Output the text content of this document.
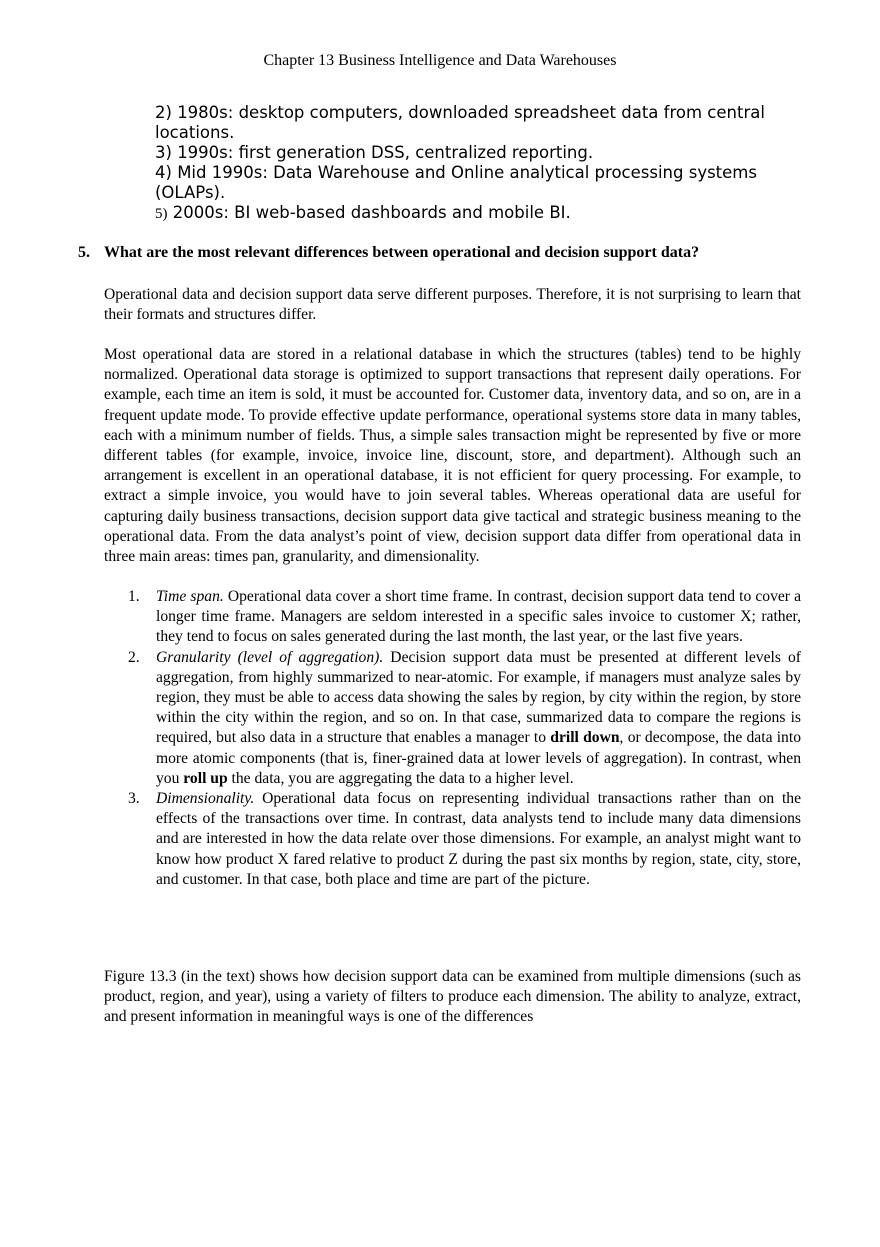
Chapter 13 Business Intelligence and Data Warehouses
2) 1980s: desktop computers, downloaded spreadsheet data from central locations.
3) 1990s: first generation DSS, centralized reporting.
4) Mid 1990s: Data Warehouse and Online analytical processing systems (OLAPs).
5) 2000s: BI web-based dashboards and mobile BI.
5. What are the most relevant differences between operational and decision support data?

Operational data and decision support data serve different purposes. Therefore, it is not surprising to learn that their formats and structures differ.

Most operational data are stored in a relational database in which the structures (tables) tend to be highly normalized. Operational data storage is optimized to support transactions that represent daily operations. For example, each time an item is sold, it must be accounted for. Customer data, inventory data, and so on, are in a frequent update mode. To provide effective update performance, operational systems store data in many tables, each with a minimum number of fields. Thus, a simple sales transaction might be represented by five or more different tables (for example, invoice, invoice line, discount, store, and department). Although such an arrangement is excellent in an operational database, it is not efficient for query processing. For example, to extract a simple invoice, you would have to join several tables. Whereas operational data are useful for capturing daily business transactions, decision support data give tactical and strategic business meaning to the operational data. From the data analyst’s point of view, decision support data differ from operational data in three main areas: times pan, granularity, and dimensionality.

1. Time span. Operational data cover a short time frame. In contrast, decision support data tend to cover a longer time frame. Managers are seldom interested in a specific sales invoice to customer X; rather, they tend to focus on sales generated during the last month, the last year, or the last five years.

2. Granularity (level of aggregation). Decision support data must be presented at different levels of aggregation, from highly summarized to near-atomic. For example, if managers must analyze sales by region, they must be able to access data showing the sales by region, by city within the region, by store within the city within the region, and so on. In that case, summarized data to compare the regions is required, but also data in a structure that enables a manager to drill down, or decompose, the data into more atomic components (that is, finer-grained data at lower levels of aggregation). In contrast, when you roll up the data, you are aggregating the data to a higher level.

3. Dimensionality. Operational data focus on representing individual transactions rather than on the effects of the transactions over time. In contrast, data analysts tend to include many data dimensions and are interested in how the data relate over those dimensions. For example, an analyst might want to know how product X fared relative to product Z during the past six months by region, state, city, store, and customer. In that case, both place and time are part of the picture.

Figure 13.3 (in the text) shows how decision support data can be examined from multiple dimensions (such as product, region, and year), using a variety of filters to produce each dimension. The ability to analyze, extract, and present information in meaningful ways is one of the differences
